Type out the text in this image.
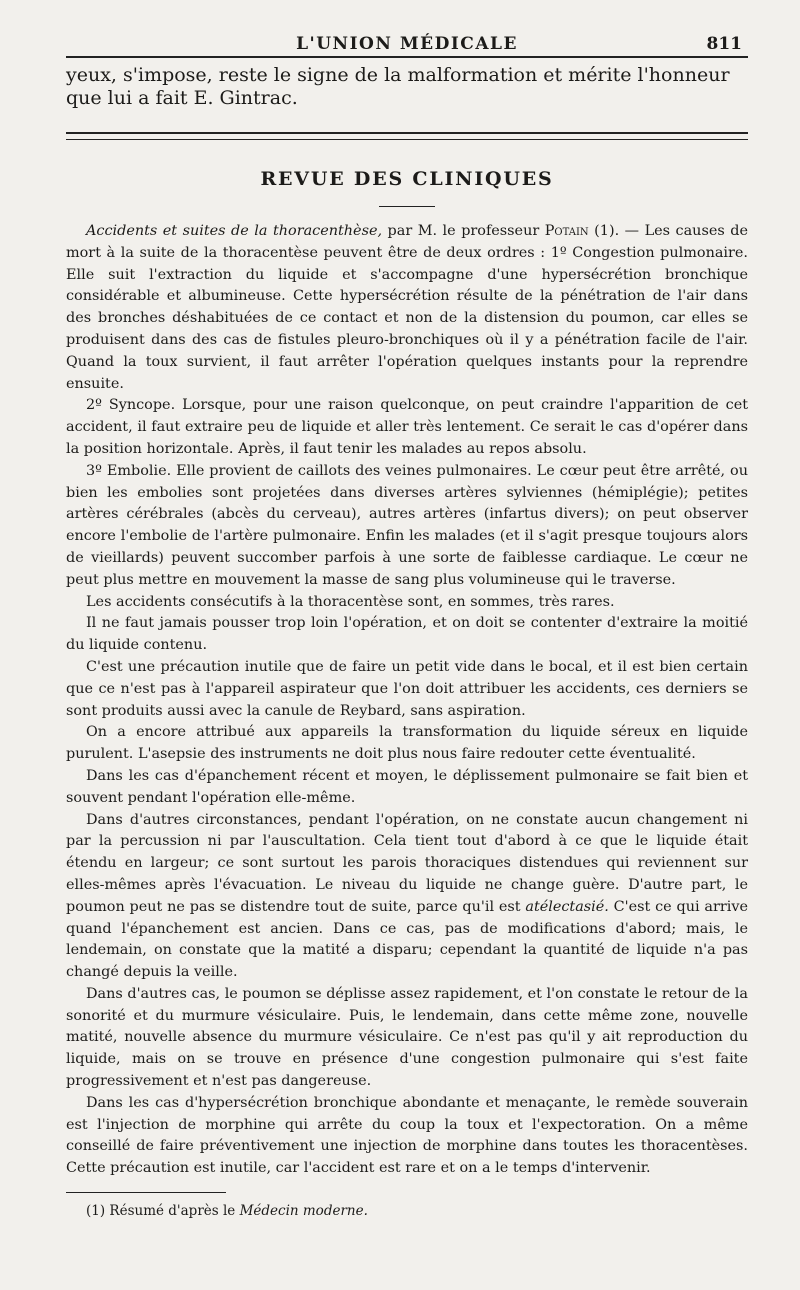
L'UNION MÉDICALE	811

yeux, s'impose, reste le signe de la malformation et mérite l'honneur que lui a fait E. Gintrac.

REVUE DES CLINIQUES

Accidents et suites de la thoracenthèse, par M. le professeur Potain (1). — Les causes de mort à la suite de la thoracentèse peuvent être de deux ordres : 1º Congestion pulmonaire. Elle suit l'extraction du liquide et s'accompagne d'une hypersécrétion bronchique considérable et albumineuse. Cette hypersécrétion résulte de la pénétration de l'air dans des bronches déshabituées de ce contact et non de la distension du poumon, car elles se produisent dans des cas de fistules pleuro-bronchiques où il y a pénétration facile de l'air. Quand la toux survient, il faut arrêter l'opération quelques instants pour la reprendre ensuite.

2º Syncope. Lorsque, pour une raison quelconque, on peut craindre l'apparition de cet accident, il faut extraire peu de liquide et aller très lentement. Ce serait le cas d'opérer dans la position horizontale. Après, il faut tenir les malades au repos absolu.

3º Embolie. Elle provient de caillots des veines pulmonaires. Le cœur peut être arrêté, ou bien les embolies sont projetées dans diverses artères sylviennes (hémiplégie); petites artères cérébrales (abcès du cerveau), autres artères (infartus divers); on peut observer encore l'embolie de l'artère pulmonaire. Enfin les malades (et il s'agit presque toujours alors de vieillards) peuvent succomber parfois à une sorte de faiblesse cardiaque. Le cœur ne peut plus mettre en mouvement la masse de sang plus volumineuse qui le traverse.

Les accidents consécutifs à la thoracentèse sont, en sommes, très rares.

Il ne faut jamais pousser trop loin l'opération, et on doit se contenter d'extraire la moitié du liquide contenu.

C'est une précaution inutile que de faire un petit vide dans le bocal, et il est bien certain que ce n'est pas à l'appareil aspirateur que l'on doit attribuer les accidents, ces derniers se sont produits aussi avec la canule de Reybard, sans aspiration.

On a encore attribué aux appareils la transformation du liquide séreux en liquide purulent. L'asepsie des instruments ne doit plus nous faire redouter cette éventualité.

Dans les cas d'épanchement récent et moyen, le déplissement pulmonaire se fait bien et souvent pendant l'opération elle-même.

Dans d'autres circonstances, pendant l'opération, on ne constate aucun changement ni par la percussion ni par l'auscultation. Cela tient tout d'abord à ce que le liquide était étendu en largeur; ce sont surtout les parois thoraciques distendues qui reviennent sur elles-mêmes après l'évacuation. Le niveau du liquide ne change guère. D'autre part, le poumon peut ne pas se distendre tout de suite, parce qu'il est atélectasié. C'est ce qui arrive quand l'épanchement est ancien. Dans ce cas, pas de modifications d'abord; mais, le lendemain, on constate que la matité a disparu; cependant la quantité de liquide n'a pas changé depuis la veille.

Dans d'autres cas, le poumon se déplisse assez rapidement, et l'on constate le retour de la sonorité et du murmure vésiculaire. Puis, le lendemain, dans cette même zone, nouvelle matité, nouvelle absence du murmure vésiculaire. Ce n'est pas qu'il y ait reproduction du liquide, mais on se trouve en présence d'une congestion pulmonaire qui s'est faite progressivement et n'est pas dangereuse.

Dans les cas d'hypersécrétion bronchique abondante et menaçante, le remède souverain est l'injection de morphine qui arrête du coup la toux et l'expectoration. On a même conseillé de faire préventivement une injection de morphine dans toutes les thoracentèses. Cette précaution est inutile, car l'accident est rare et on a le temps d'intervenir.

(1) Résumé d'après le Médecin moderne.
